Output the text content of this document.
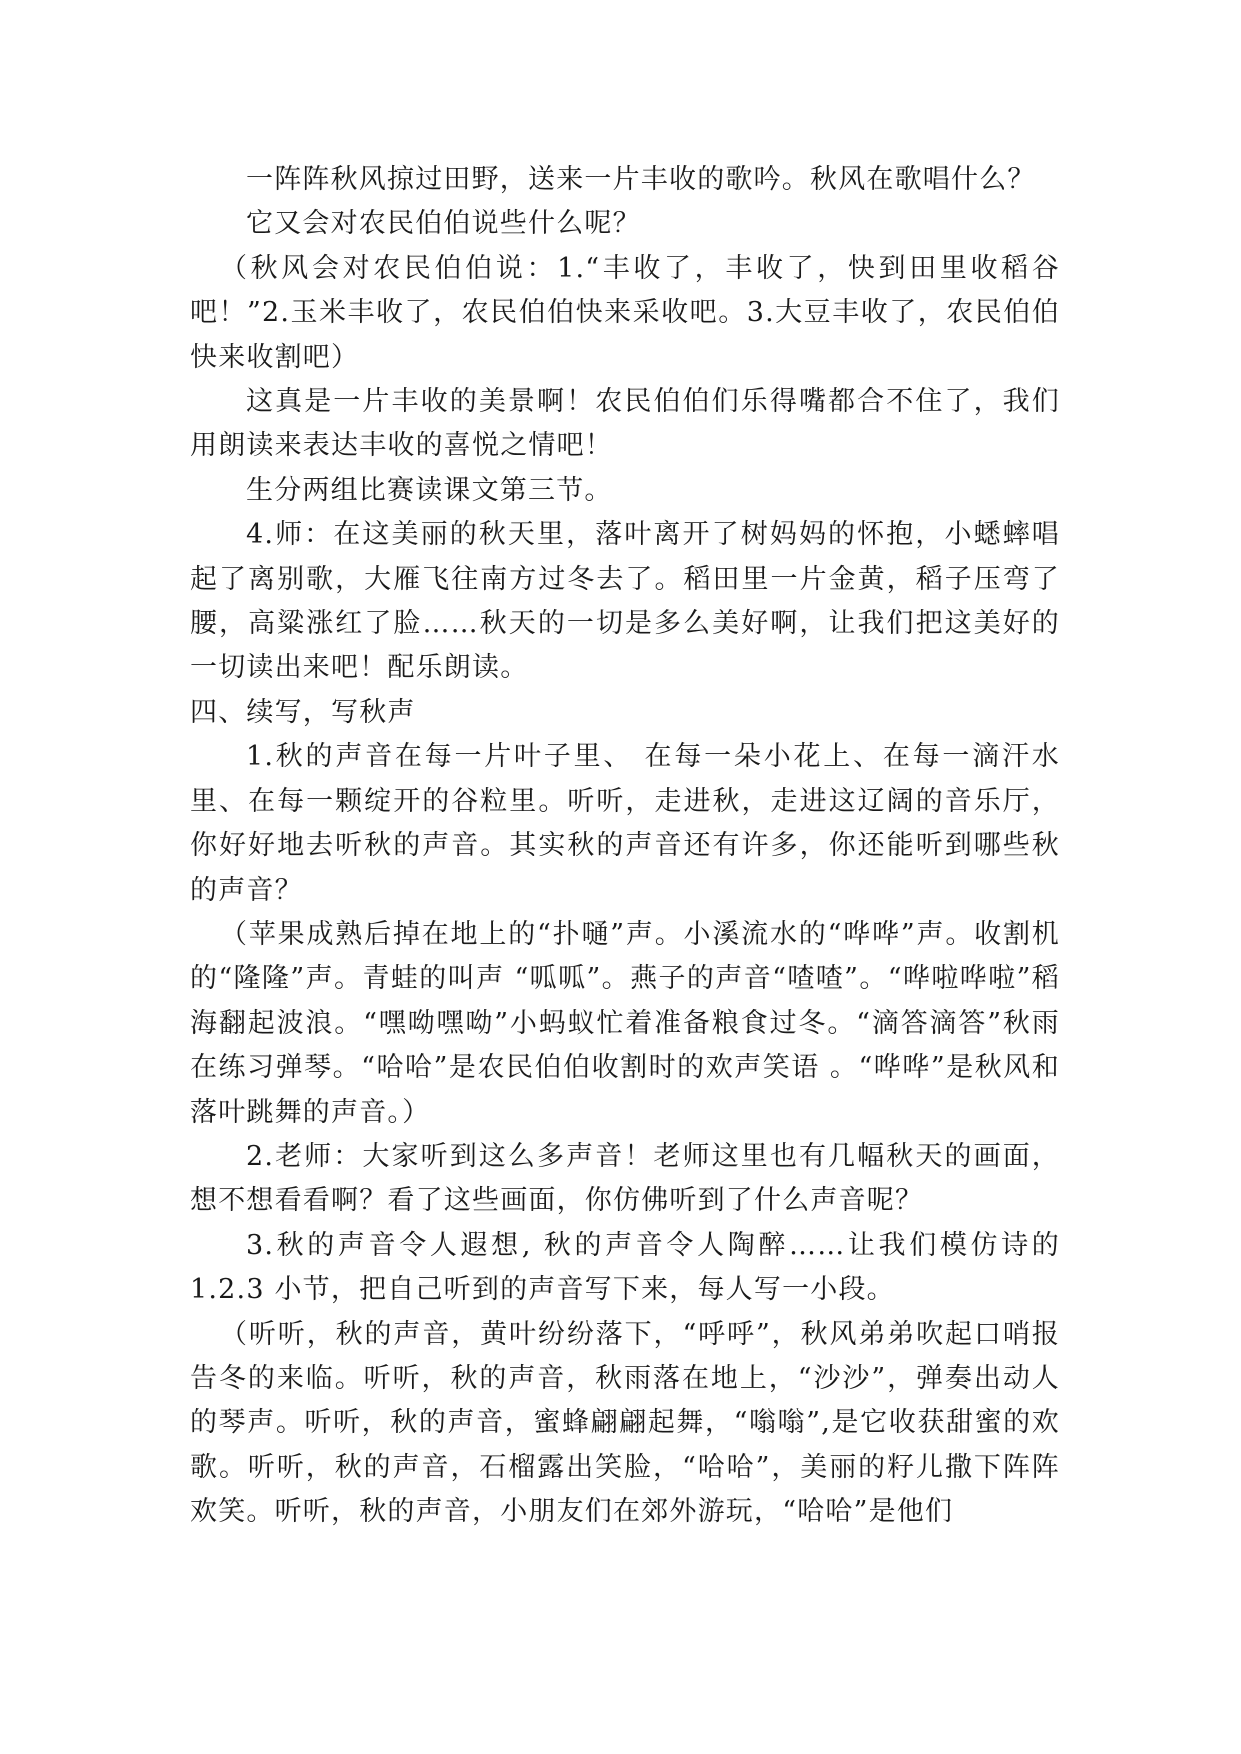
一阵阵秋风掠过田野，送来一片丰收的歌吟。秋风在歌唱什么？

它又会对农民伯伯说些什么呢？

（秋风会对农民伯伯说：1.“丰收了，丰收了，快到田里收稻谷吧！”2.玉米丰收了，农民伯伯快来采收吧。3.大豆丰收了，农民伯伯快来收割吧）

这真是一片丰收的美景啊！农民伯伯们乐得嘴都合不住了，我们用朗读来表达丰收的喜悦之情吧！

生分两组比赛读课文第三节。

4.师：在这美丽的秋天里，落叶离开了树妈妈的怀抱，小蟋蟀唱起了离别歌，大雁飞往南方过冬去了。稻田里一片金黄，稻子压弯了腰，高粱涨红了脸……秋天的一切是多么美好啊，让我们把这美好的一切读出来吧！配乐朗读。

四、续写，写秋声

1.秋的声音在每一片叶子里、 在每一朵小花上、在每一滴汗水里、在每一颗绽开的谷粒里。听听，走进秋，走进这辽阔的音乐厅，你好好地去听秋的声音。其实秋的声音还有许多，你还能听到哪些秋的声音？

（苹果成熟后掉在地上的“扑嗵”声。小溪流水的“哗哗”声。收割机的“隆隆”声。青蛙的叫声 “呱呱”。燕子的声音“喳喳”。“哗啦哗啦”稻海翻起波浪。“嘿呦嘿呦”小蚂蚁忙着准备粮食过冬。“滴答滴答”秋雨在练习弹琴。“哈哈”是农民伯伯收割时的欢声笑语 。“哗哗”是秋风和落叶跳舞的声音。）

2.老师：大家听到这么多声音！老师这里也有几幅秋天的画面，想不想看看啊？看了这些画面，你仿佛听到了什么声音呢？

3.秋的声音令人遐想, 秋的声音令人陶醉……让我们模仿诗的1.2.3 小节，把自己听到的声音写下来，每人写一小段。

（听听，秋的声音，黄叶纷纷落下，“呼呼”，秋风弟弟吹起口哨报告冬的来临。听听，秋的声音，秋雨落在地上，“沙沙”，弹奏出动人的琴声。听听，秋的声音，蜜蜂翩翩起舞，“嗡嗡”,是它收获甜蜜的欢歌。听听，秋的声音，石榴露出笑脸，“哈哈”，美丽的籽儿撒下阵阵欢笑。听听，秋的声音，小朋友们在郊外游玩，“哈哈”是他们
